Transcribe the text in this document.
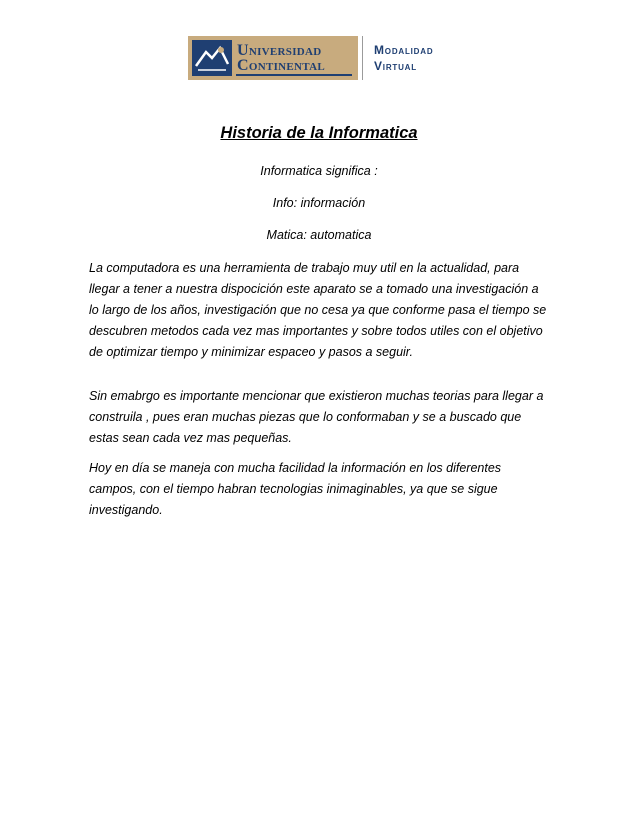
Universidad
Continental
Modalidad
Virtual
Historia de la Informatica
Informatica significa :
Info: información
Matica: automatica

La computadora es una herramienta de trabajo muy util en la actualidad, para llegar a tener a nuestra dispocición este aparato se a tomado una investigación a lo largo de los años, investigación que no cesa ya que conforme pasa el tiempo se descubren metodos cada vez mas importantes y sobre todos utiles con el objetivo de optimizar tiempo y minimizar espaceo y pasos a seguir.

Sin emabrgo es importante mencionar que existieron muchas teorias para llegar a construila , pues eran muchas piezas que lo conformaban y se a buscado que estas sean cada vez mas pequeñas.

Hoy en día se maneja con mucha facilidad la información en los diferentes campos, con el tiempo habran tecnologias inimaginables, ya que se sigue investigando.
